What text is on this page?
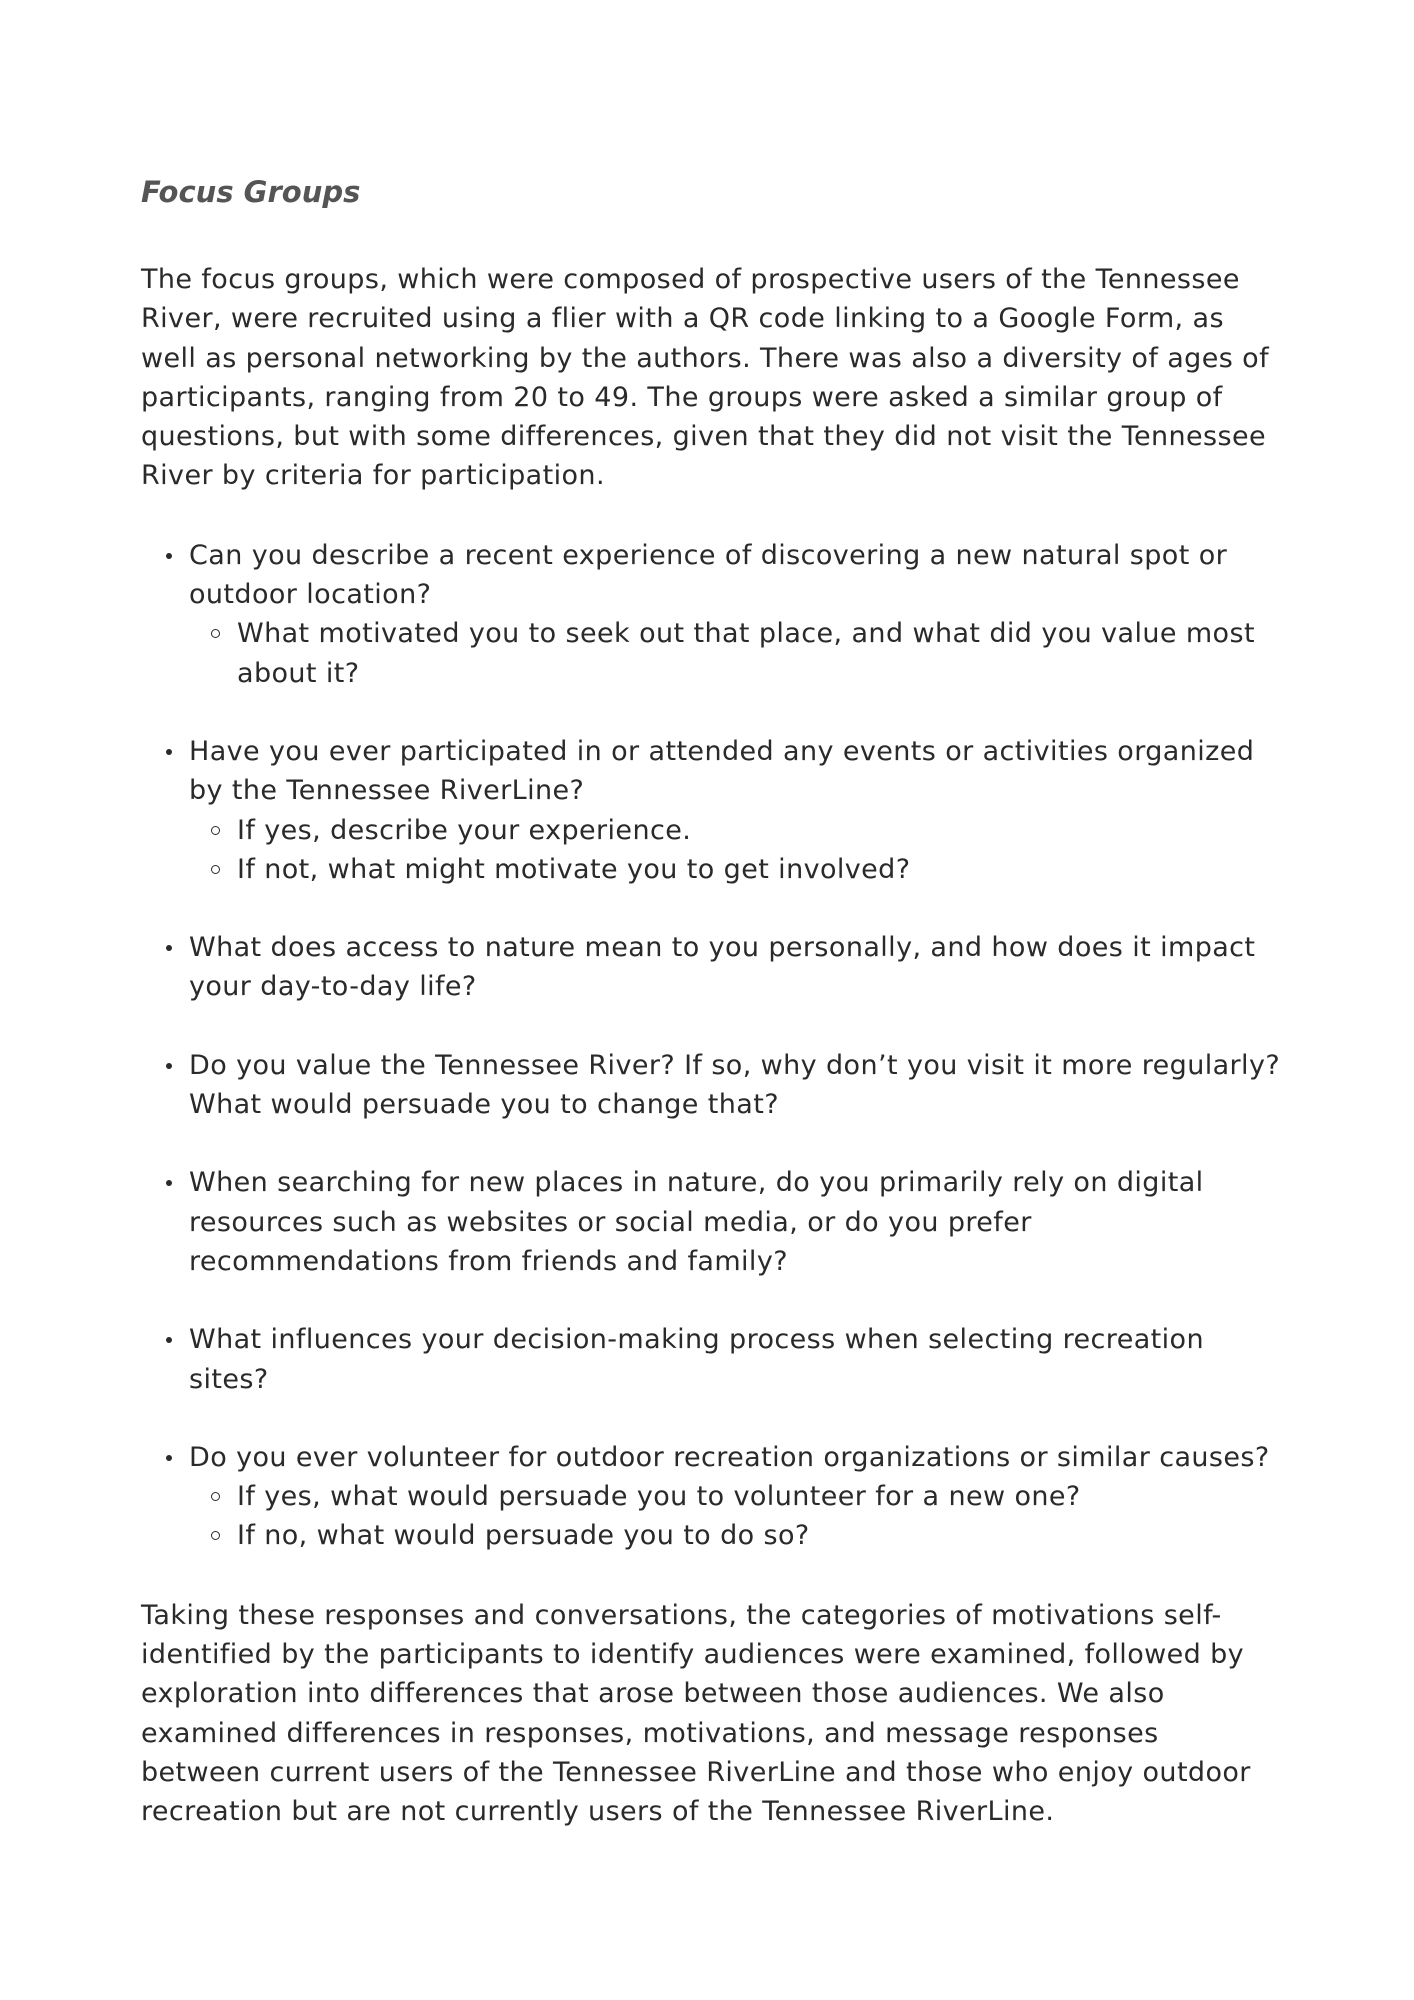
Focus Groups

The focus groups, which were composed of prospective users of the Tennessee River, were recruited using a flier with a QR code linking to a Google Form, as well as personal networking by the authors. There was also a diversity of ages of participants, ranging from 20 to 49. The groups were asked a similar group of questions, but with some differences, given that they did not visit the Tennessee River by criteria for participation.

Can you describe a recent experience of discovering a new natural spot or outdoor location?
What motivated you to seek out that place, and what did you value most about it?
Have you ever participated in or attended any events or activities organized by the Tennessee RiverLine?
If yes, describe your experience.
If not, what might motivate you to get involved?
What does access to nature mean to you personally, and how does it impact your day-to-day life?
Do you value the Tennessee River? If so, why don’t you visit it more regularly? What would persuade you to change that?
When searching for new places in nature, do you primarily rely on digital resources such as websites or social media, or do you prefer recommendations from friends and family?
What influences your decision-making process when selecting recreation sites?
Do you ever volunteer for outdoor recreation organizations or similar causes?
If yes, what would persuade you to volunteer for a new one?
If no, what would persuade you to do so?

Taking these responses and conversations, the categories of motivations self-identified by the participants to identify audiences were examined, followed by exploration into differences that arose between those audiences. We also examined differences in responses, motivations, and message responses between current users of the Tennessee RiverLine and those who enjoy outdoor recreation but are not currently users of the Tennessee RiverLine.
